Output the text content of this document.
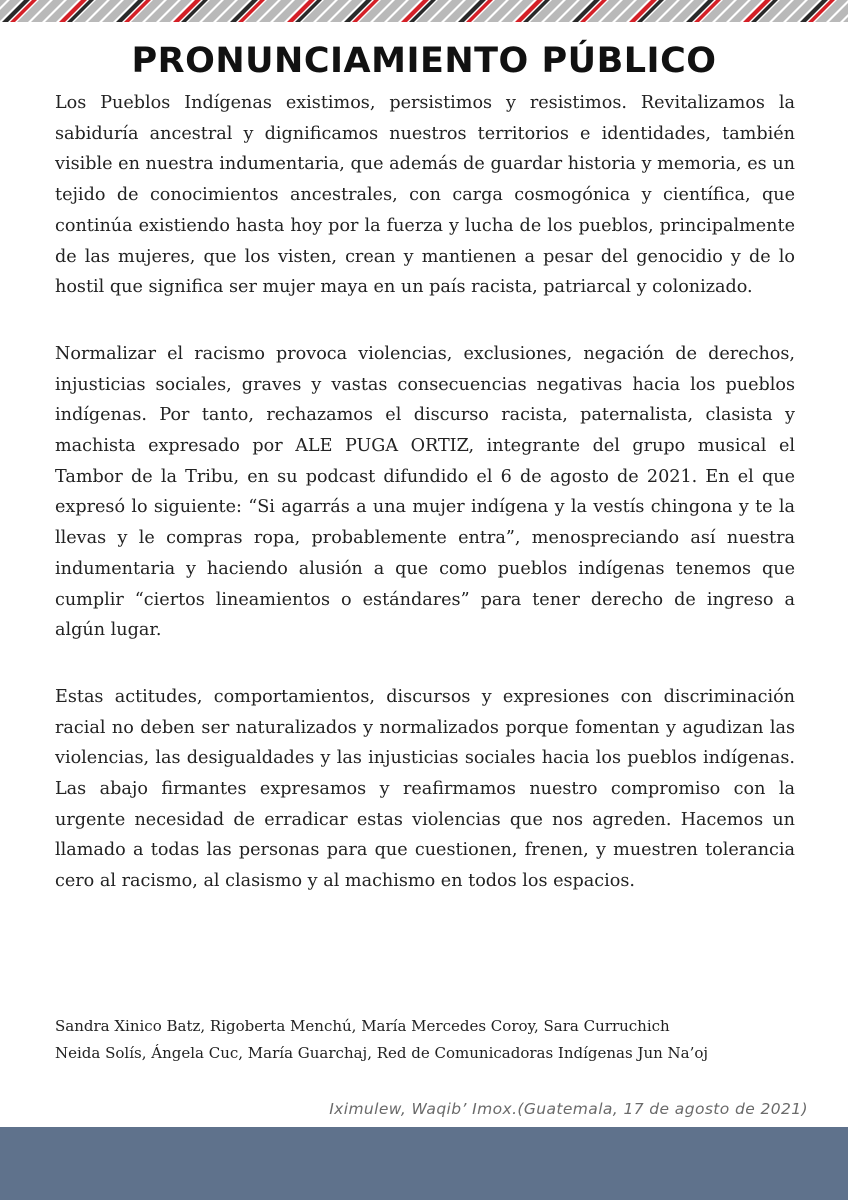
PRONUNCIAMIENTO PÚBLICO

Los Pueblos Indígenas existimos, persistimos y resistimos. Revitalizamos la sabiduría ancestral y dignificamos nuestros territorios e identidades, también visible en nuestra indumentaria, que además de guardar historia y memoria, es un tejido de conocimientos ancestrales, con carga cosmogónica y científica, que continúa existiendo hasta hoy por la fuerza y lucha de los pueblos, principalmente de las mujeres, que los visten, crean y mantienen a pesar del genocidio y de lo hostil que significa ser mujer maya en un país racista, patriarcal y colonizado.

Normalizar el racismo provoca violencias, exclusiones, negación de derechos, injusticias sociales, graves y vastas consecuencias negativas hacia los pueblos indígenas. Por tanto, rechazamos el discurso racista, paternalista, clasista y machista expresado por ALE PUGA ORTIZ, integrante del grupo musical el Tambor de la Tribu, en su podcast difundido el 6 de agosto de 2021. En el que expresó lo siguiente: “Si agarrás a una mujer indígena y la vestís chingona y te la llevas y le compras ropa, probablemente entra”, menospreciando así nuestra indumentaria y haciendo alusión a que como pueblos indígenas tenemos que cumplir “ciertos lineamientos o estándares” para tener derecho de ingreso a algún lugar.

Estas actitudes, comportamientos, discursos y expresiones con discriminación racial no deben ser naturalizados y normalizados porque fomentan y agudizan las violencias, las desigualdades y las injusticias sociales hacia los pueblos indígenas. Las abajo firmantes expresamos y reafirmamos nuestro compromiso con la urgente necesidad de erradicar estas violencias que nos agreden. Hacemos un llamado a todas las personas para que cuestionen, frenen, y muestren tolerancia cero al racismo, al clasismo y al machismo en todos los espacios.

Sandra Xinico Batz, Rigoberta Menchú, María Mercedes Coroy, Sara Curruchich
Neida Solís, Ángela Cuc, María Guarchaj, Red de Comunicadoras Indígenas Jun Na’oj
Iximulew, Waqib’ Imox.(Guatemala, 17 de agosto de 2021)
